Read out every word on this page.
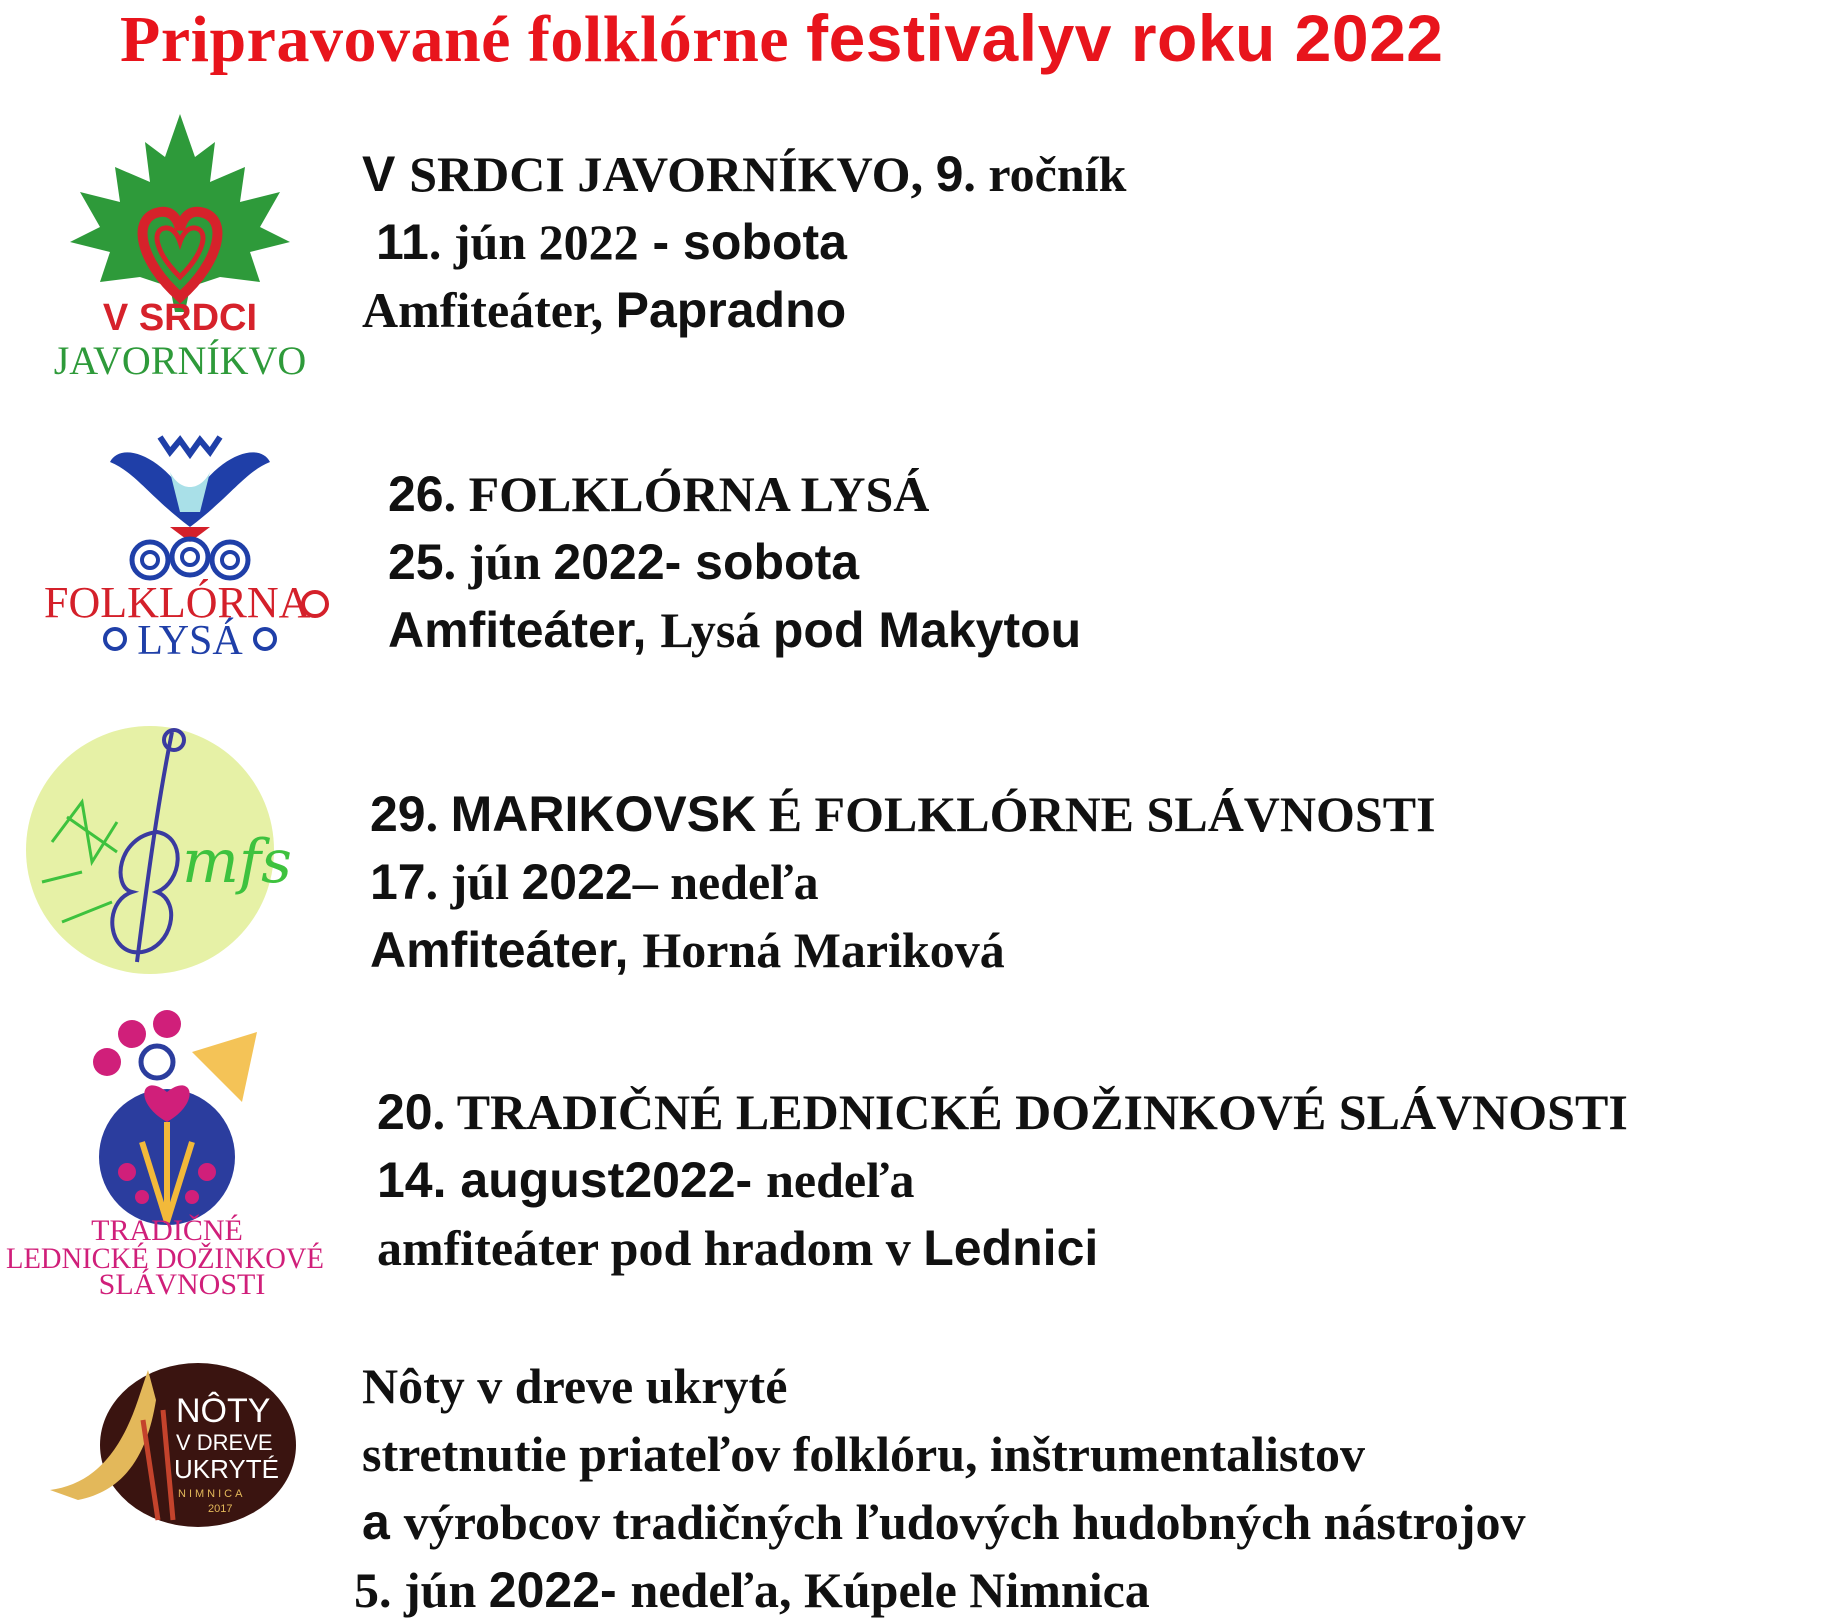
Pripravované folklórne festivalyv roku 2022
V SRDCI
JAVORNÍKVO
FOLKLÓRNA
LYSÁ
mfs
TRADIČNÉ
LEDNICKÉ DOŽINKOVÉ
SLÁVNOSTI
NÔTY
V DREVE
UKRYTÉ
NIMNICA
2017
V SRDCI JAVORNÍKVO, 9. ročník
11. jún 2022 - sobota
Amfiteáter, Papradno
26. FOLKLÓRNA LYSÁ
25. jún 2022- sobota
Amfiteáter, Lysá pod Makytou
29. MARIKOVSK É FOLKLÓRNE SLÁVNOSTI
17. júl 2022– nedeľa
Amfiteáter, Horná Mariková
20. TRADIČNÉ LEDNICKÉ DOŽINKOVÉ SLÁVNOSTI
14. august2022- nedeľa
amfiteáter pod hradom v Lednici
Nôty v dreve ukryté
stretnutie priateľov folklóru, inštrumentalistov
a výrobcov tradičných ľudových hudobných nástrojov
5. jún 2022- nedeľa, Kúpele Nimnica
